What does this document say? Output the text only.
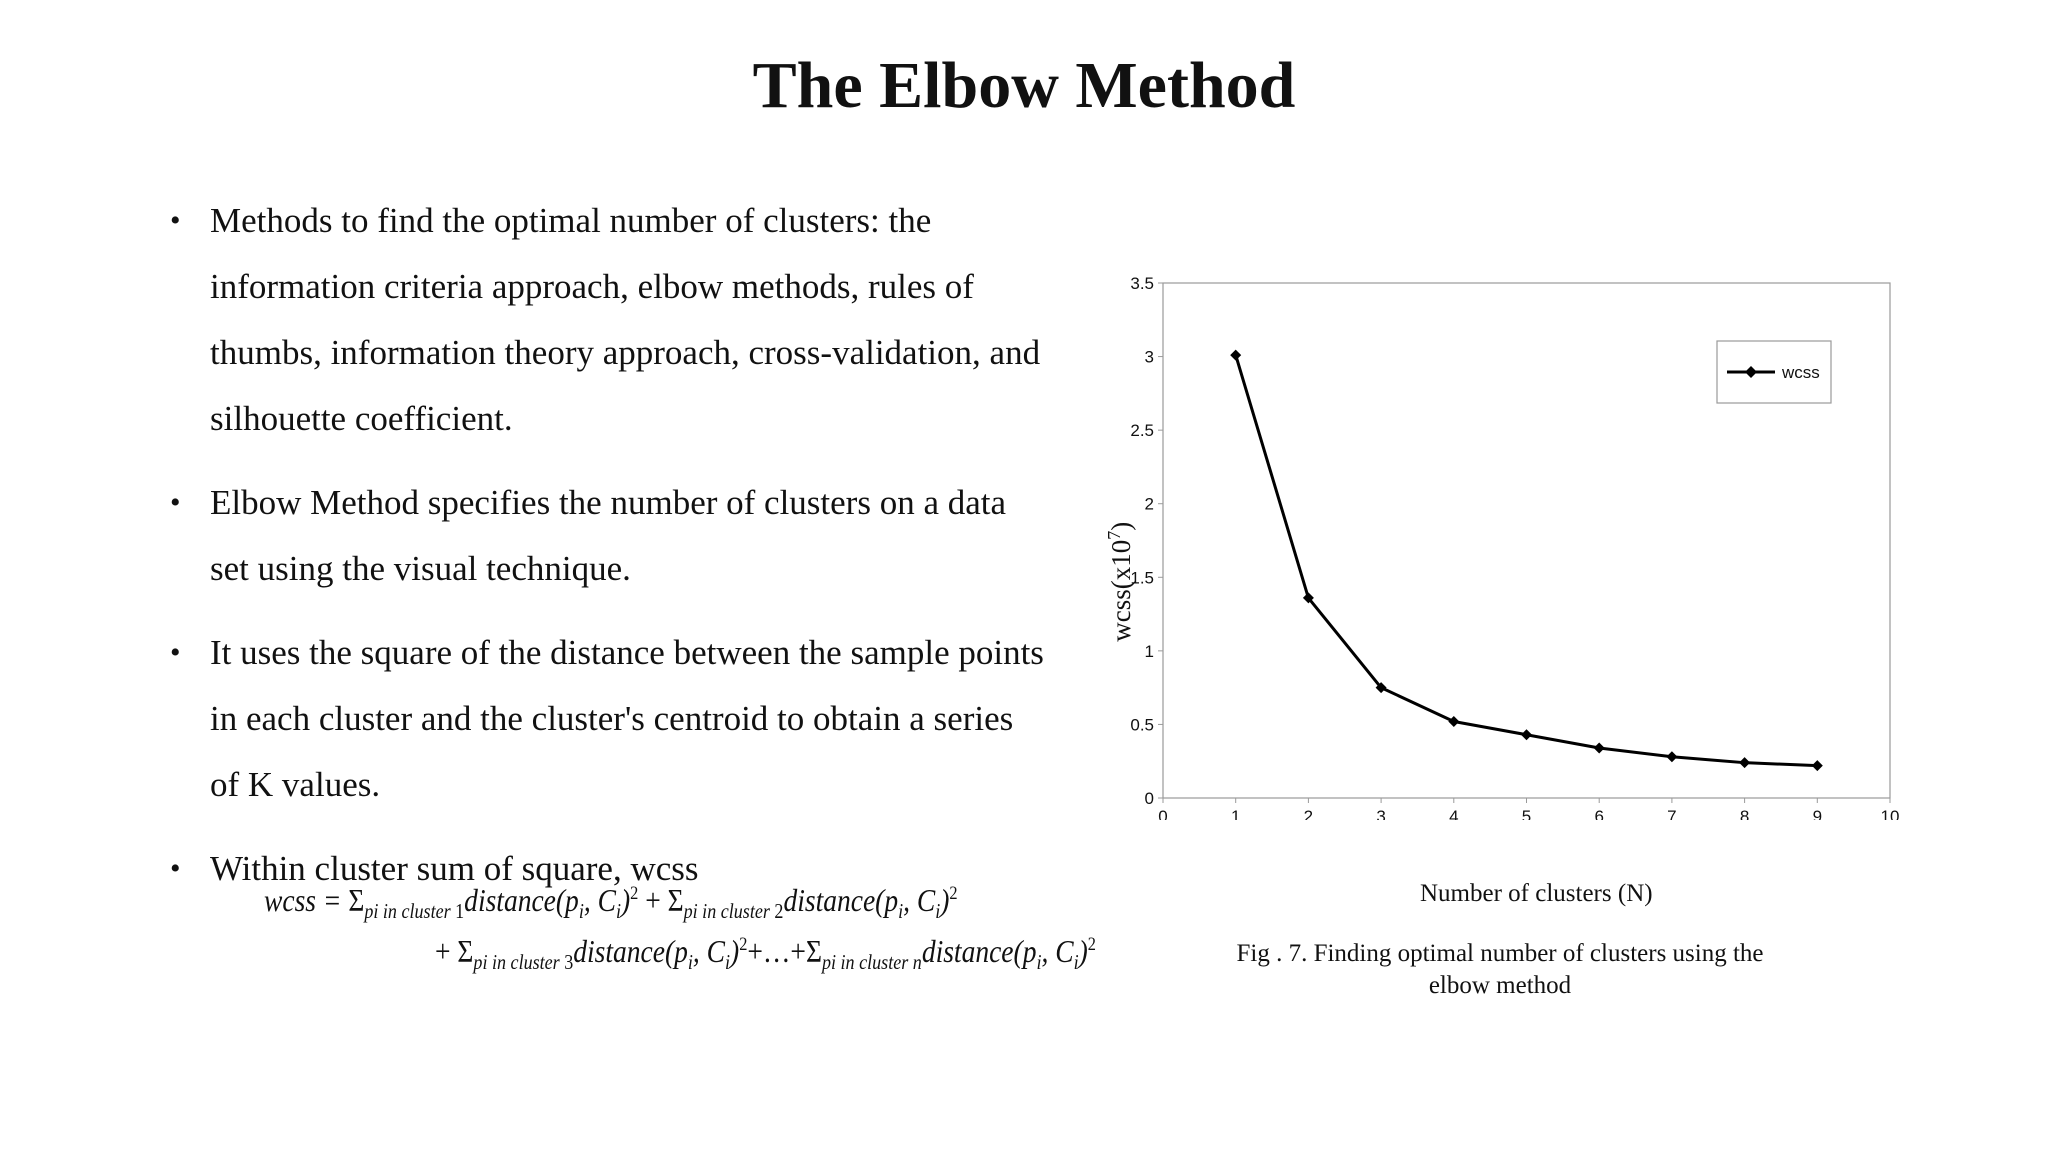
The Elbow Method
• Methods to find the optimal number of clusters: the information criteria approach, elbow methods, rules of thumbs, information theory approach, cross-validation, and silhouette coefficient.
• Elbow Method specifies the number of clusters on a data set using the visual technique.
• It uses the square of the distance between the sample points in each cluster and the cluster's centroid to obtain a series of K values.
• Within cluster sum of square, wcss
wcss = $\Sigma_{pi in cluster 1}distance(p_i$, $C_i)^2$ + $\Sigma_{pi in cluster 2}distance(p_i$, $C_i)^2$
+ $\Sigma_{pi in cluster 3}distance(p_i$, $C_i)^2+\dots+\Sigma_{pi in cluster n}distance(p_i$, $C_i)^2$
0	1	2	3	4	5	6	7	8	9	10
0
0.5
1
1.5
2
2.5
3
3.5
$wcss(x10^7)$
wcss
Number of clusters (N)
Fig . 7. Finding optimal number of clusters using the elbow method
